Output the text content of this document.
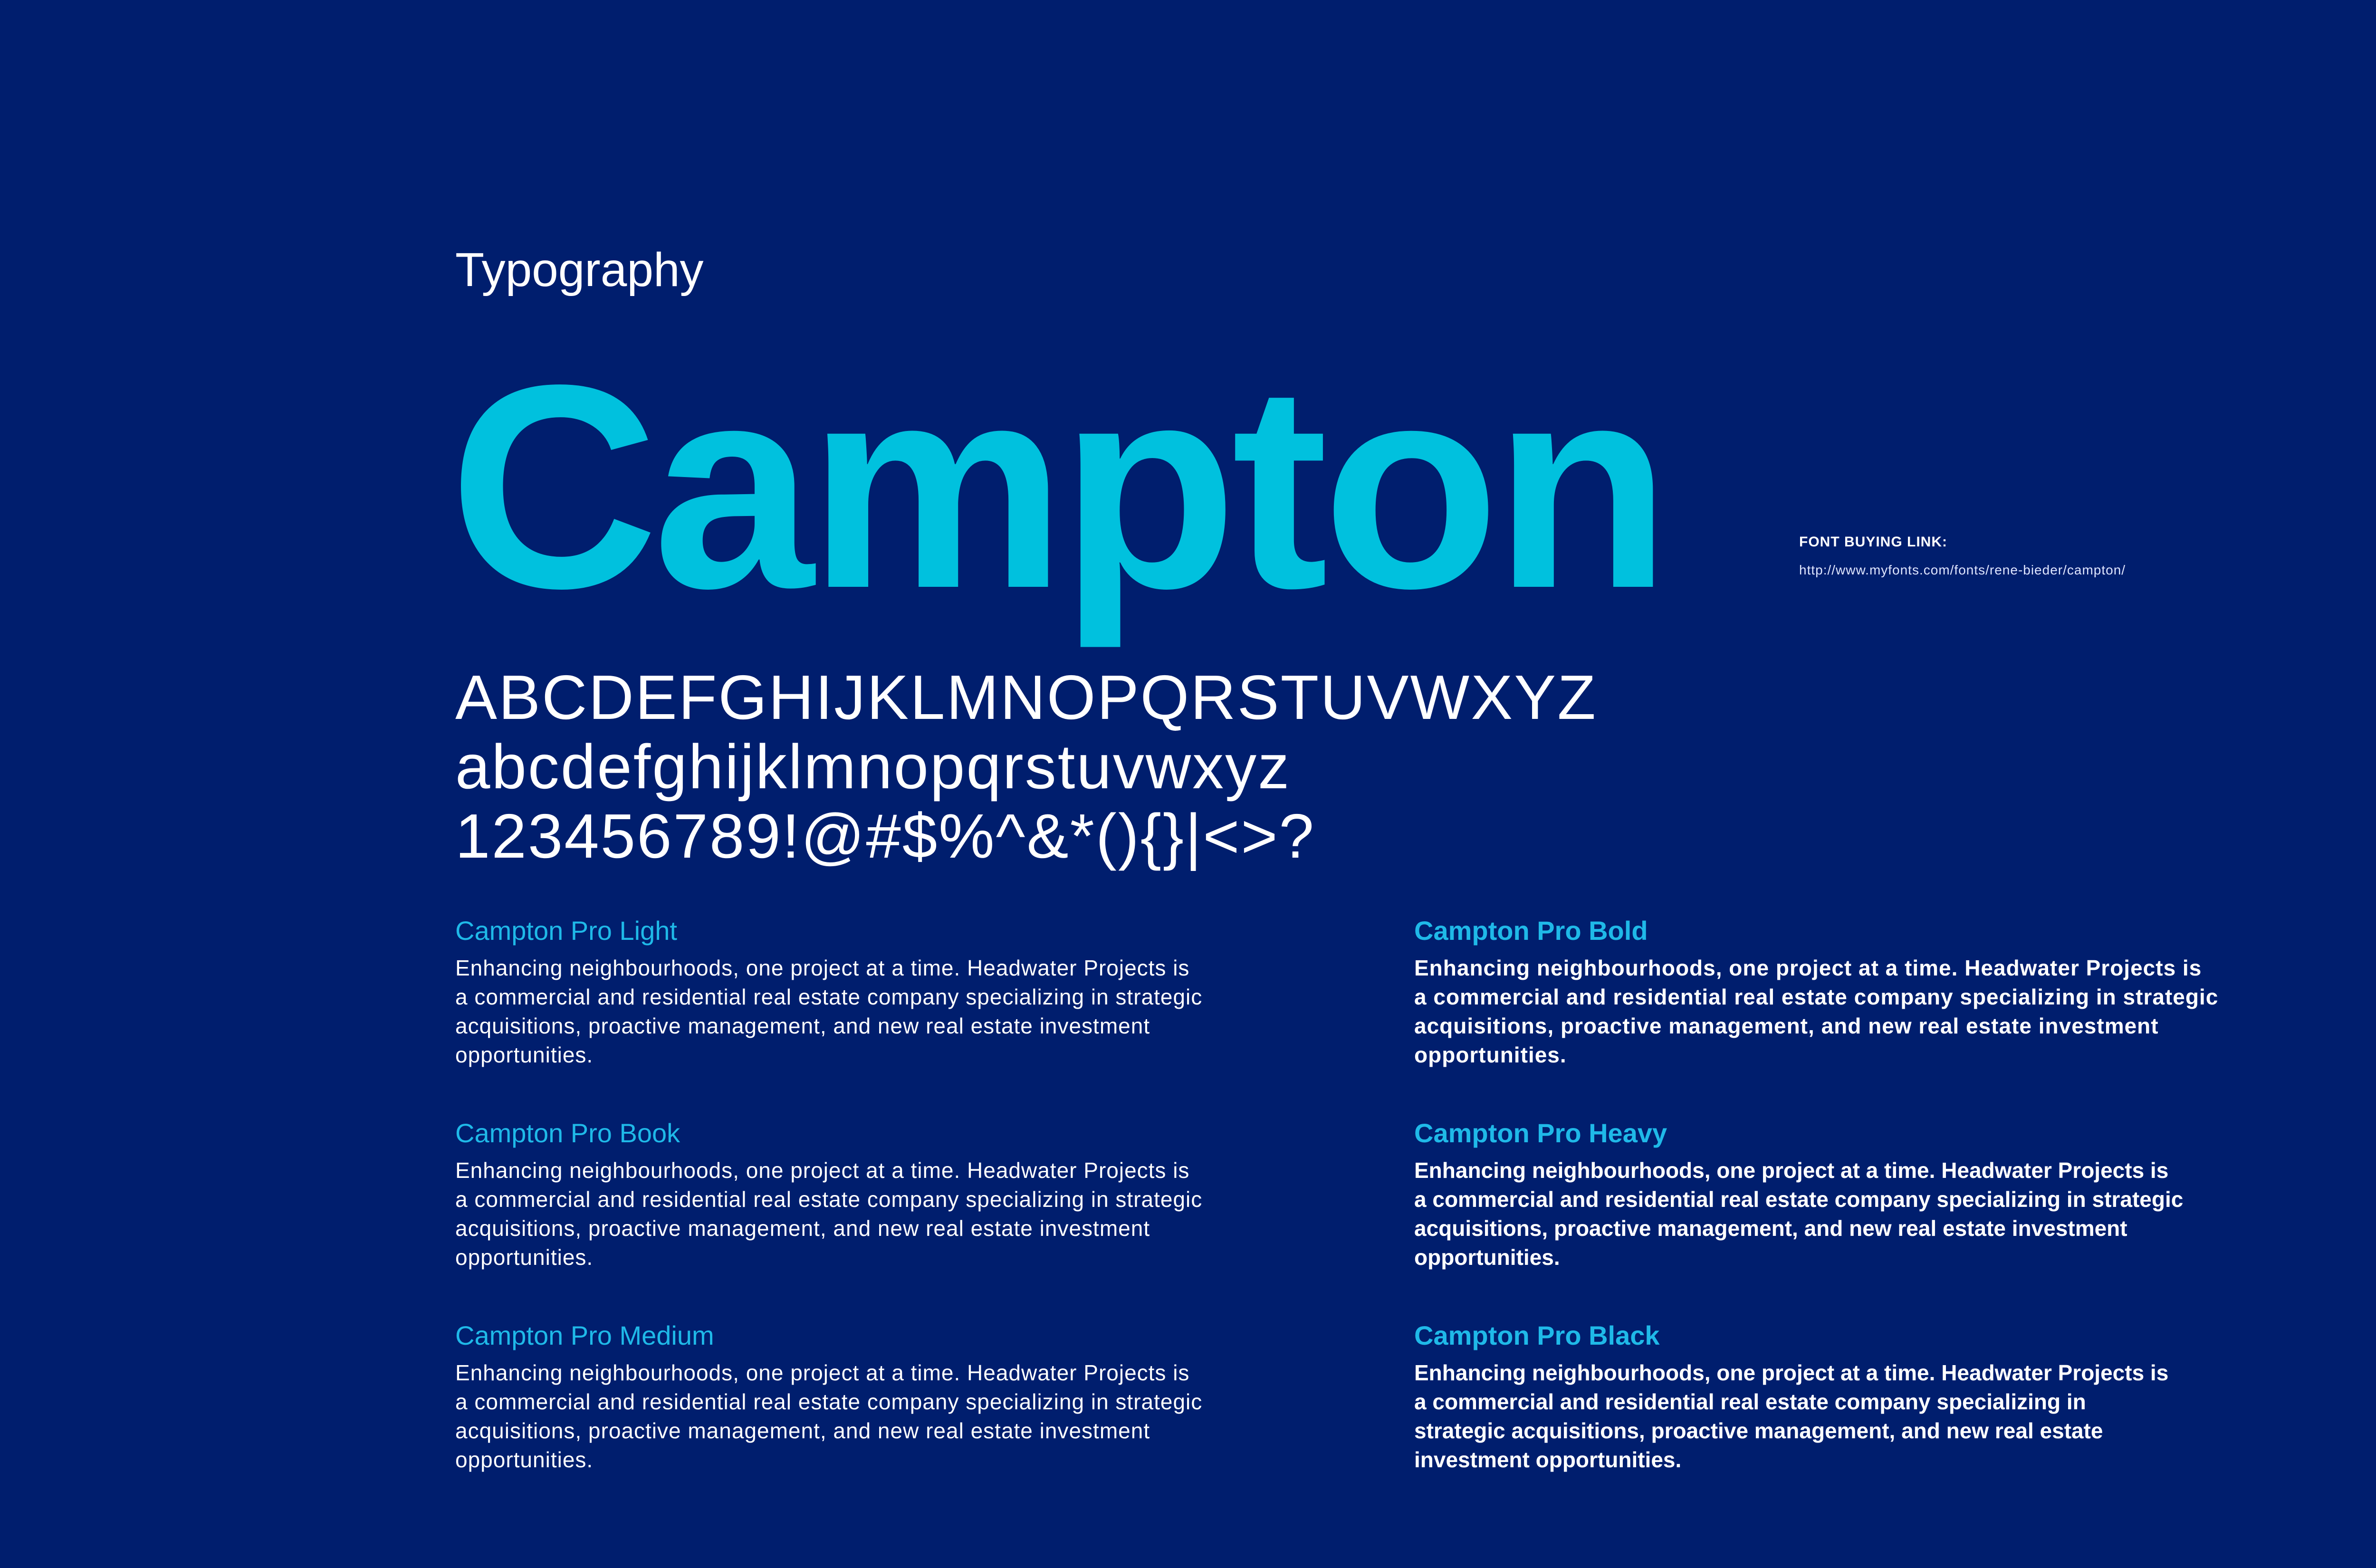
Typography
Campton	FONT BUYING LINK:
http://www.myfonts.com/fonts/rene-bieder/campton/
ABCDEFGHIJKLMNOPQRSTUVWXYZ
abcdefghijklmnopqrstuvwxyz
123456789!@#$%^&*(){}|<>?
Campton Pro Light
Enhancing neighbourhoods, one project at a time. Headwater Projects is
a commercial and residential real estate company specializing in strategic
acquisitions, proactive management, and new real estate investment
opportunities.
Campton Pro Book
Enhancing neighbourhoods, one project at a time. Headwater Projects is
a commercial and residential real estate company specializing in strategic
acquisitions, proactive management, and new real estate investment
opportunities.
Campton Pro Medium
Enhancing neighbourhoods, one project at a time. Headwater Projects is
a commercial and residential real estate company specializing in strategic
acquisitions, proactive management, and new real estate investment
opportunities.
Campton Pro Bold
Enhancing neighbourhoods, one project at a time. Headwater Projects is
a commercial and residential real estate company specializing in strategic
acquisitions, proactive management, and new real estate investment
opportunities.
Campton Pro Heavy
Enhancing neighbourhoods, one project at a time. Headwater Projects is
a commercial and residential real estate company specializing in strategic
acquisitions, proactive management, and new real estate investment
opportunities.
Campton Pro Black
Enhancing neighbourhoods, one project at a time. Headwater Projects is
a commercial and residential real estate company specializing in
strategic acquisitions, proactive management, and new real estate
investment opportunities.
